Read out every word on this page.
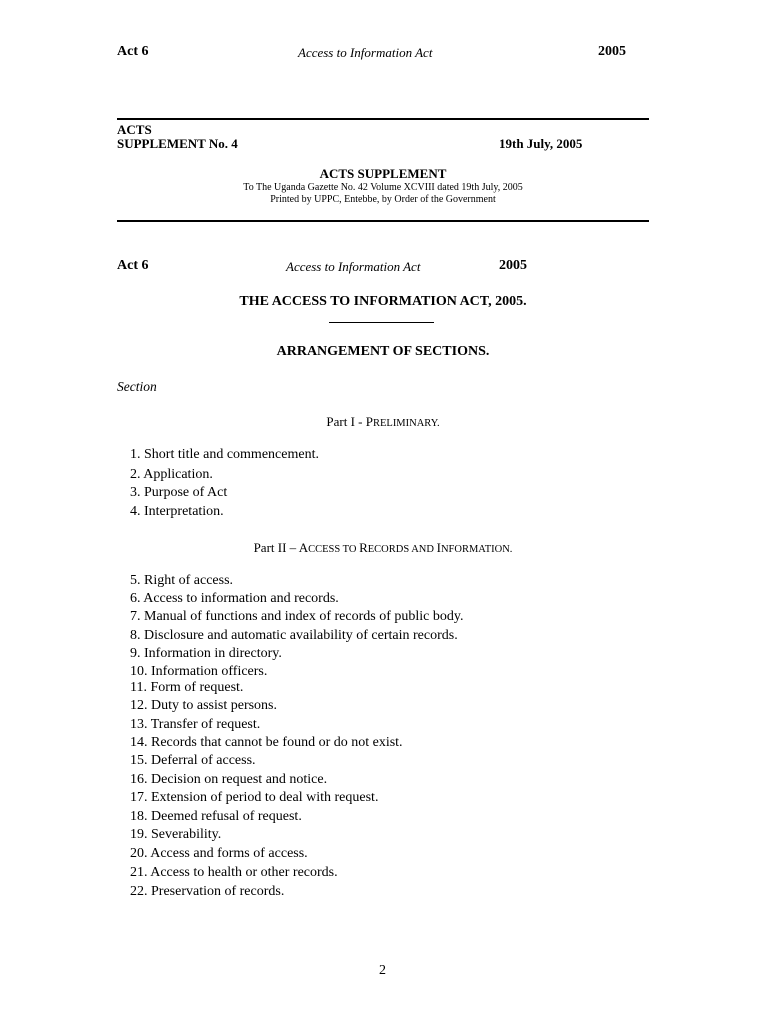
Act 6	Access to Information Act	2005
ACTS
SUPPLEMENT No. 4	19th July, 2005
ACTS SUPPLEMENT
To The Uganda Gazette No. 42 Volume XCVIII dated 19th July, 2005
Printed by UPPC, Entebbe, by Order of the Government
Act 6	Access to Information Act	2005
THE ACCESS TO INFORMATION ACT, 2005.
ARRANGEMENT OF SECTIONS.
Section
Part I - PRELIMINARY.
1. Short title and commencement.
2. Application.
3. Purpose of Act
4. Interpretation.
Part II – ACCESS TO RECORDS AND INFORMATION.
5. Right of access.
6. Access to information and records.
7. Manual of functions and index of records of public body.
8. Disclosure and automatic availability of certain records.
9. Information in directory.
10. Information officers.
11. Form of request.
12. Duty to assist persons.
13. Transfer of request.
14. Records that cannot be found or do not exist.
15. Deferral of access.
16. Decision on request and notice.
17. Extension of period to deal with request.
18. Deemed refusal of request.
19. Severability.
20. Access and forms of access.
21. Access to health or other records.
22. Preservation of records.
2
